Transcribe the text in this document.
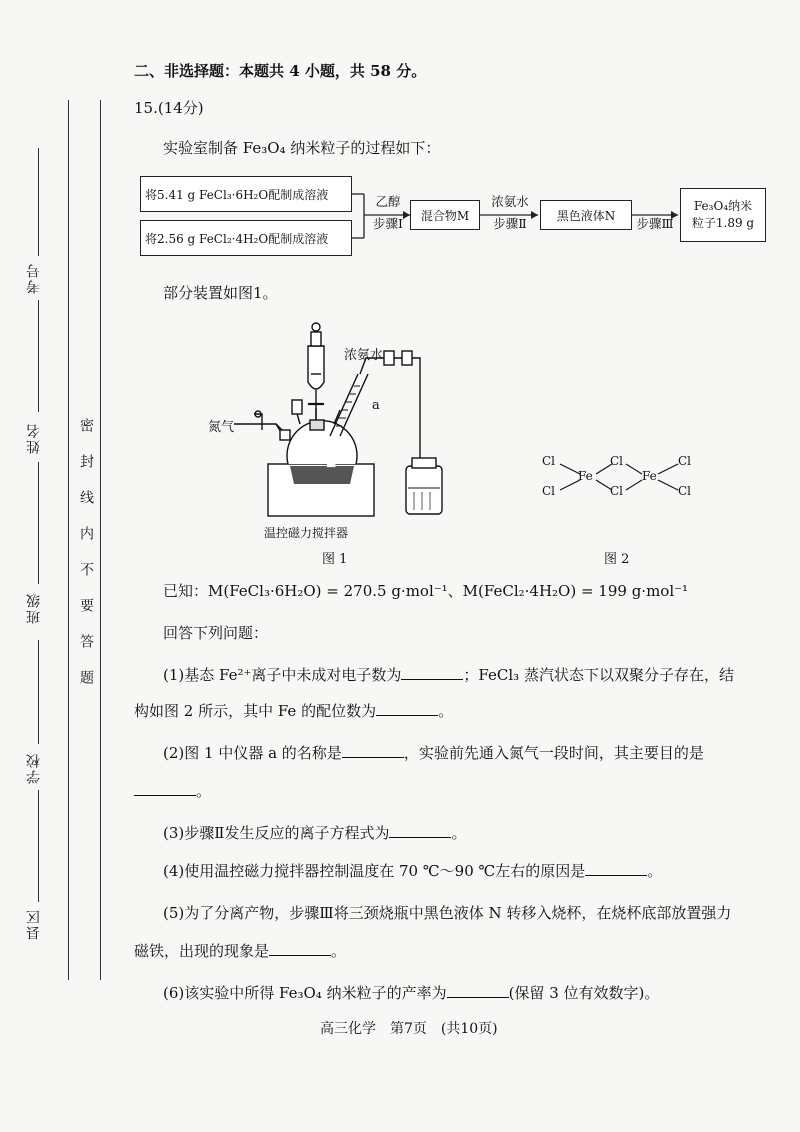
考号
姓名
班级
学校
县区
密封线内不要答题
二、非选择题：本题共 4 小题，共 58 分。
15.(14分)
实验室制备 Fe₃O₄ 纳米粒子的过程如下：
将5.41 g FeCl₃·6H₂O配制成溶液
将2.56 g FeCl₂·4H₂O配制成溶液
乙醇
步骤Ⅰ
混合物M
浓氨水
步骤Ⅱ
黑色液体N
步骤Ⅲ
Fe₃O₄纳米
粒子1.89 g
部分装置如图1。
▬
浓氨水
a
氮气
温控磁力搅拌器
图 1
Cl
Cl
Fe
Cl
Cl
Fe
Cl
Cl
图 2
已知：M(FeCl₃·6H₂O) = 270.5 g·mol⁻¹、M(FeCl₂·4H₂O) = 199 g·mol⁻¹
回答下列问题：
(1)基态 Fe²⁺离子中未成对电子数为	；FeCl₃ 蒸汽状态下以双聚分子存在，结
构如图 2 所示，其中 Fe 的配位数为	。
(2)图 1 中仪器 a 的名称是	，实验前先通入氮气一段时间，其主要目的是
。
(3)步骤Ⅱ发生反应的离子方程式为	。
(4)使用温控磁力搅拌器控制温度在 70 ℃～90 ℃左右的原因是	。
(5)为了分离产物，步骤Ⅲ将三颈烧瓶中黑色液体 N 转移入烧杯，在烧杯底部放置强力
磁铁，出现的现象是	。
(6)该实验中所得 Fe₃O₄ 纳米粒子的产率为	(保留 3 位有效数字)。
高三化学　第7页　(共10页)
